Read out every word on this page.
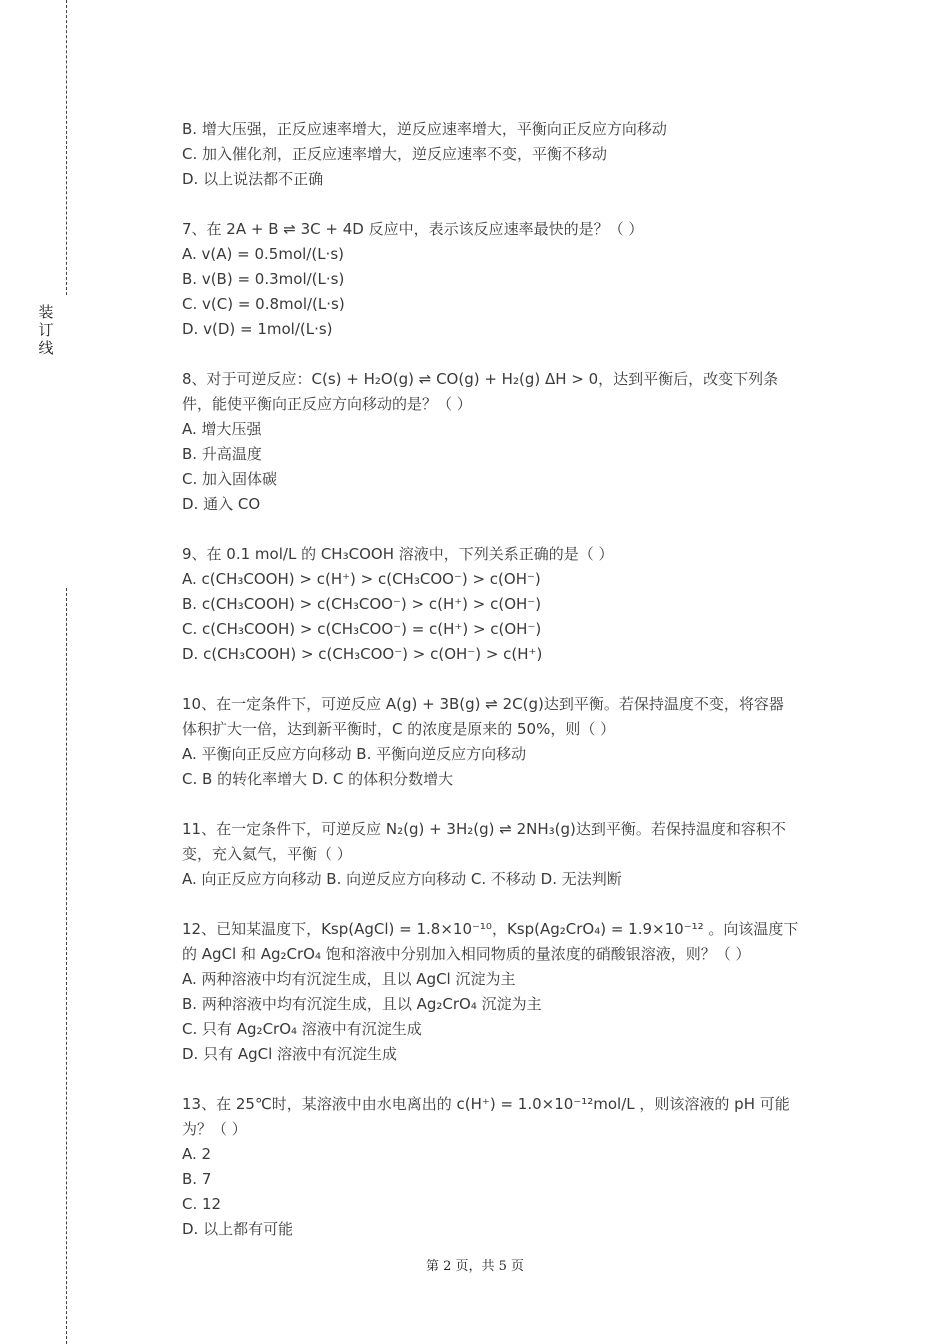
装
订
线
B. 增大压强，正反应速率增大，逆反应速率增大，平衡向正反应方向移动
C. 加入催化剂，正反应速率增大，逆反应速率不变，平衡不移动
D. 以上说法都不正确
7、在 2A + B ⇌ 3C + 4D 反应中，表示该反应速率最快的是？（ ）
A. v(A) = 0.5mol/(L·s)
B. v(B) = 0.3mol/(L·s)
C. v(C) = 0.8mol/(L·s)
D. v(D) = 1mol/(L·s)
8、对于可逆反应：C(s) + H₂O(g) ⇌ CO(g) + H₂(g) ΔH > 0，达到平衡后，改变下列条
件，能使平衡向正反应方向移动的是？（ ）
A. 增大压强
B. 升高温度
C. 加入固体碳
D. 通入 CO
9、在 0.1 mol/L 的 CH₃COOH 溶液中，下列关系正确的是（ ）
A. c(CH₃COOH) > c(H⁺) > c(CH₃COO⁻) > c(OH⁻)
B. c(CH₃COOH) > c(CH₃COO⁻) > c(H⁺) > c(OH⁻)
C. c(CH₃COOH) > c(CH₃COO⁻) = c(H⁺) > c(OH⁻)
D. c(CH₃COOH) > c(CH₃COO⁻) > c(OH⁻) > c(H⁺)
10、在一定条件下，可逆反应 A(g) + 3B(g) ⇌ 2C(g)达到平衡。若保持温度不变，将容器
体积扩大一倍，达到新平衡时，C 的浓度是原来的 50%，则（ ）
A. 平衡向正反应方向移动 B. 平衡向逆反应方向移动
C. B 的转化率增大 D. C 的体积分数增大
11、在一定条件下，可逆反应 N₂(g) + 3H₂(g) ⇌ 2NH₃(g)达到平衡。若保持温度和容积不
变，充入氦气，平衡（ ）
A. 向正反应方向移动 B. 向逆反应方向移动 C. 不移动 D. 无法判断
12、已知某温度下，Ksp(AgCl) = 1.8×10⁻¹⁰，Ksp(Ag₂CrO₄) = 1.9×10⁻¹² 。向该温度下
的 AgCl 和 Ag₂CrO₄ 饱和溶液中分别加入相同物质的量浓度的硝酸银溶液，则？（ ）
A. 两种溶液中均有沉淀生成，且以 AgCl 沉淀为主
B. 两种溶液中均有沉淀生成，且以 Ag₂CrO₄ 沉淀为主
C. 只有 Ag₂CrO₄ 溶液中有沉淀生成
D. 只有 AgCl 溶液中有沉淀生成
13、在 25℃时，某溶液中由水电离出的 c(H⁺) = 1.0×10⁻¹²mol/L ，则该溶液的 pH 可能
为？（ ）
A. 2
B. 7
C. 12
D. 以上都有可能
第 2 页，共 5 页
